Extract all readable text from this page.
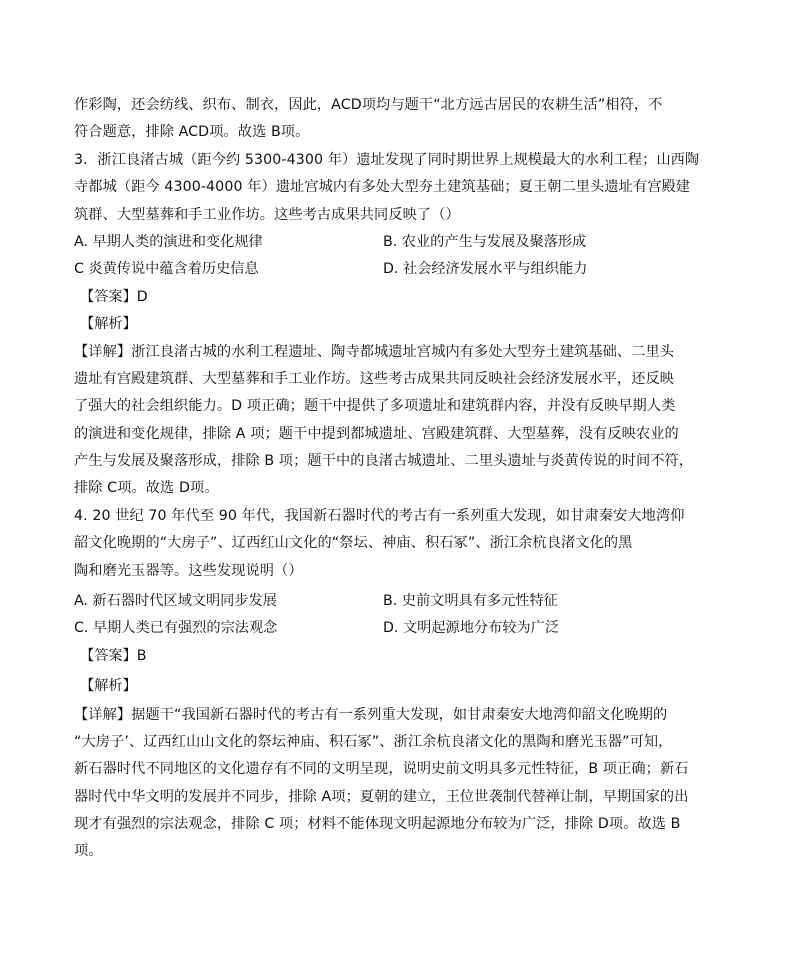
作彩陶，还会纺线、织布、制衣，因此，ACD项均与题干“北方远古居民的农耕生活”相符，不
符合题意，排除 ACD项。故选 B项。
3．浙江良渚古城（距今约 5300-4300 年）遗址发现了同时期世界上规模最大的水利工程；山西陶
寺都城（距今 4300-4000 年）遗址宫城内有多处大型夯土建筑基础；夏王朝二里头遗址有宫殿建
筑群、大型墓葬和手工业作坊。这些考古成果共同反映了（）
A. 早期人类的演进和变化规律	B. 农业的产生与发展及聚落形成
C 炎黄传说中蕴含着历史信息	D. 社会经济发展水平与组织能力
【答案】D
【解析】
【详解】浙江良渚古城的水利工程遗址、陶寺都城遗址宫城内有多处大型夯土建筑基础、二里头
遗址有宫殿建筑群、大型墓葬和手工业作坊。这些考古成果共同反映社会经济发展水平，还反映
了强大的社会组织能力。D 项正确；题干中提供了多项遗址和建筑群内容，并没有反映早期人类
的演进和变化规律，排除 A 项；题干中提到都城遗址、宫殿建筑群、大型墓葬，没有反映农业的
产生与发展及聚落形成，排除 B 项；题干中的良渚古城遗址、二里头遗址与炎黄传说的时间不符，
排除 C项。故选 D项。
4. 20 世纪 70 年代至 90 年代，我国新石器时代的考古有一系列重大发现，如甘肃秦安大地湾仰
韶文化晚期的“大房子”、辽西红山文化的“祭坛、神庙、积石冢”、浙江余杭良渚文化的黑
陶和磨光玉器等。这些发现说明（）
A. 新石器时代区域文明同步发展	B. 史前文明具有多元性特征
C. 早期人类已有强烈的宗法观念	D. 文明起源地分布较为广泛
【答案】B
【解析】
【详解】据题干“我国新石器时代的考古有一系列重大发现，如甘肃秦安大地湾仰韶文化晚期的
“大房子’、辽西红山山文化的祭坛神庙、积石冢”、浙江余杭良渚文化的黑陶和磨光玉器”可知，
新石器时代不同地区的文化遗存有不同的文明呈现，说明史前文明具多元性特征，B 项正确；新石
器时代中华文明的发展并不同步，排除 A项；夏朝的建立，王位世袭制代替禅让制，早期国家的出
现才有强烈的宗法观念，排除 C 项；材料不能体现文明起源地分布较为广泛，排除 D项。故选 B
项。
